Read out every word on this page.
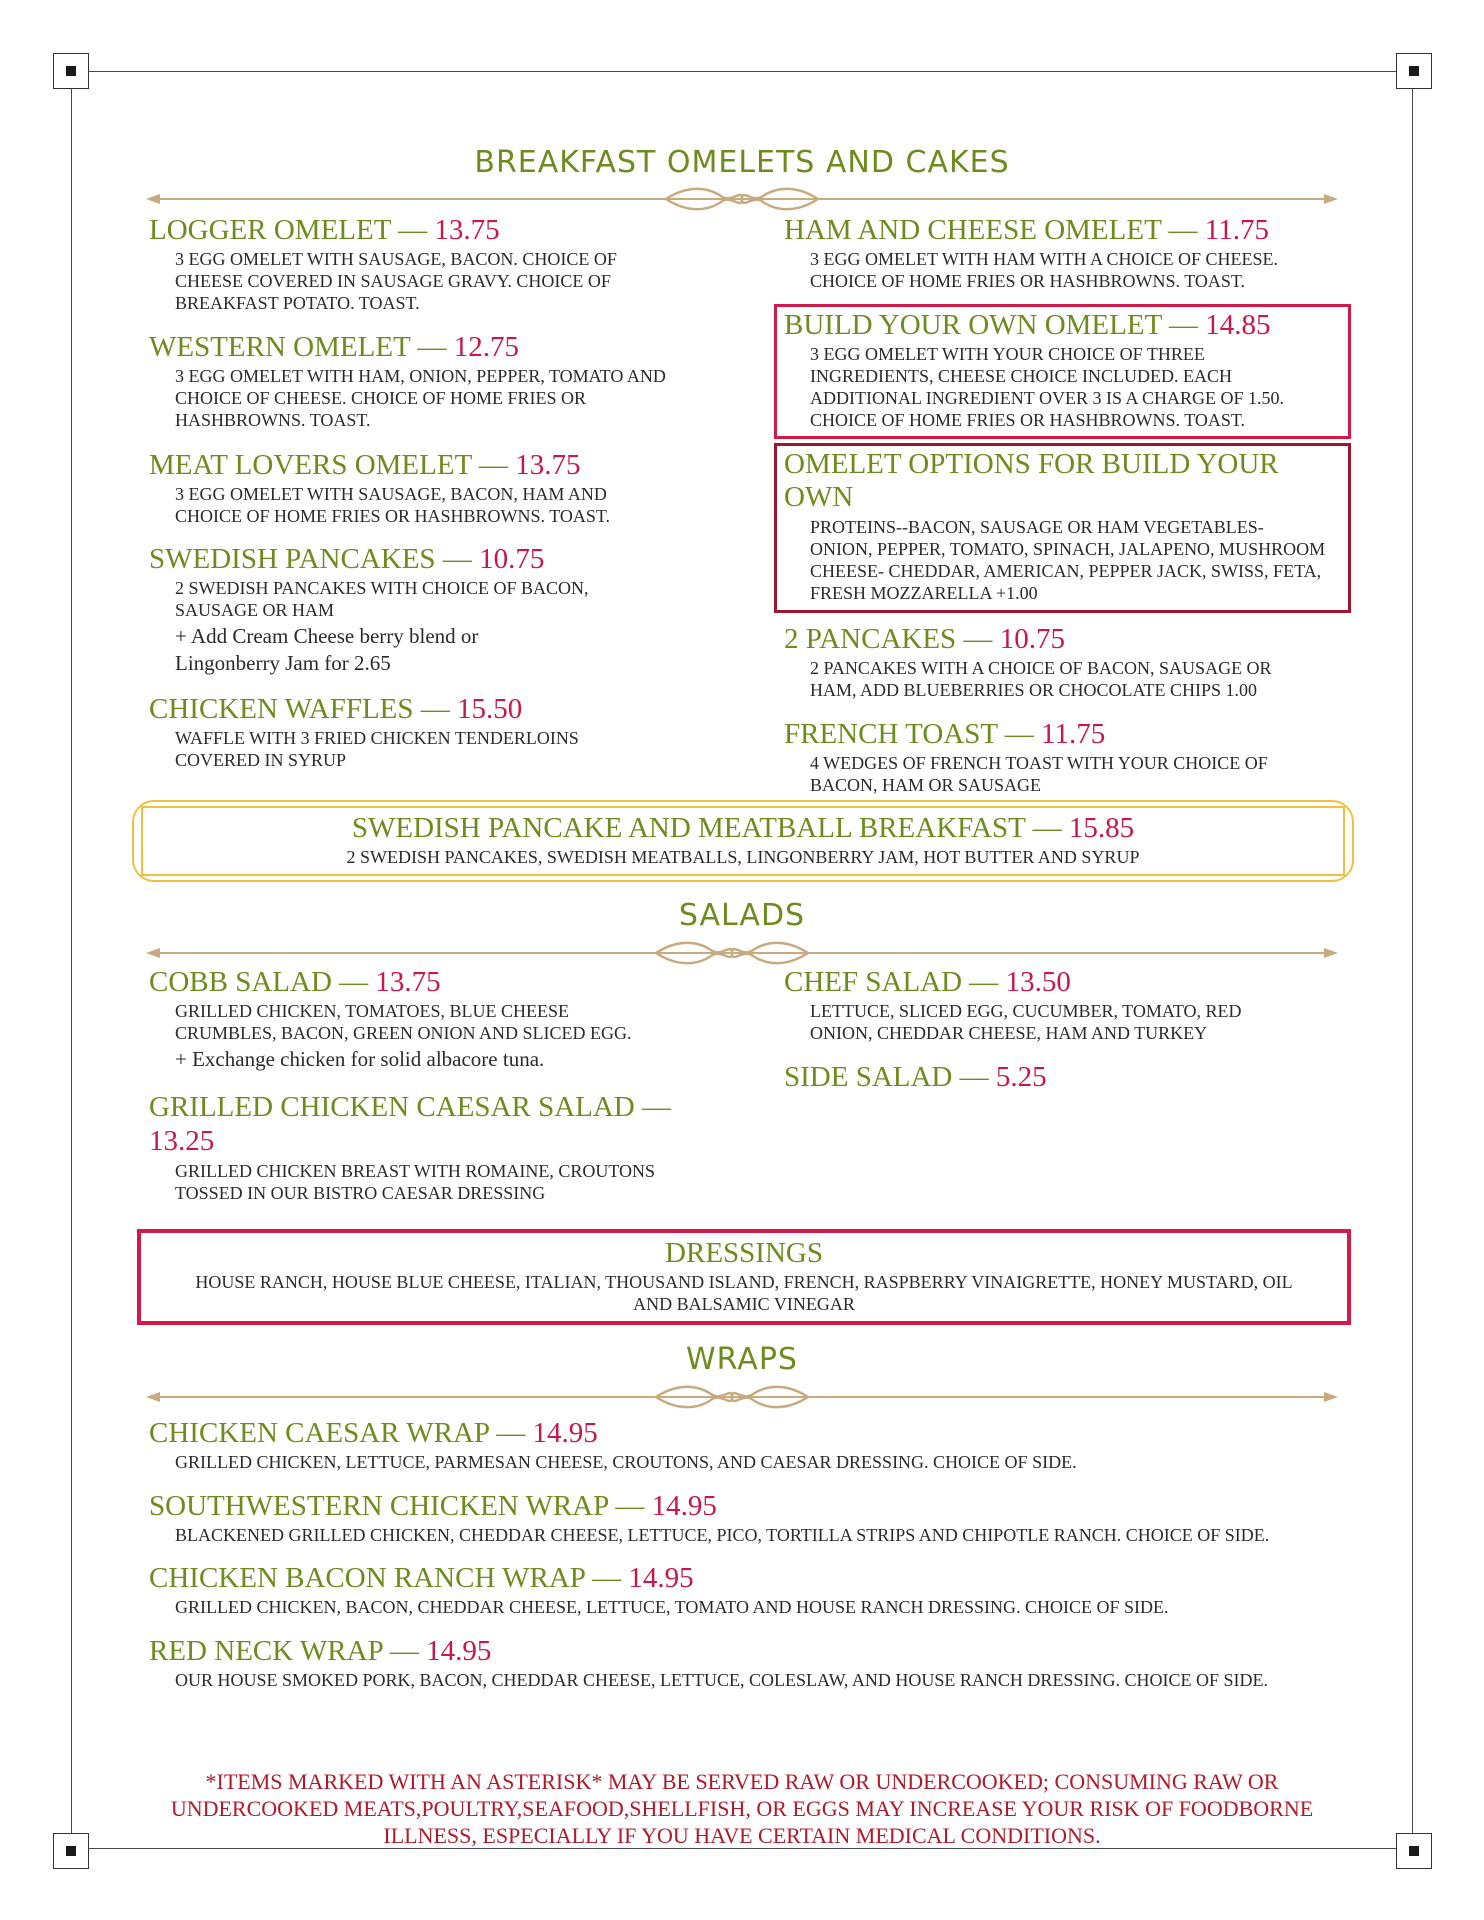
BREAKFAST OMELETS AND CAKES
LOGGER OMELET — 13.75
3 EGG OMELET WITH SAUSAGE, BACON. CHOICE OF CHEESE COVERED IN SAUSAGE GRAVY. CHOICE OF BREAKFAST POTATO. TOAST.
WESTERN OMELET — 12.75
3 EGG OMELET WITH HAM, ONION, PEPPER, TOMATO AND CHOICE OF CHEESE. CHOICE OF HOME FRIES OR HASHBROWNS. TOAST.
MEAT LOVERS OMELET — 13.75
3 EGG OMELET WITH SAUSAGE, BACON, HAM AND CHOICE OF HOME FRIES OR HASHBROWNS. TOAST.
SWEDISH PANCAKES — 10.75
2 SWEDISH PANCAKES WITH CHOICE OF BACON, SAUSAGE OR HAM
+ Add Cream Cheese berry blend or Lingonberry Jam for 2.65
CHICKEN WAFFLES — 15.50
WAFFLE WITH 3 FRIED CHICKEN TENDERLOINS COVERED IN SYRUP
HAM AND CHEESE OMELET — 11.75
3 EGG OMELET WITH HAM WITH A CHOICE OF CHEESE. CHOICE OF HOME FRIES OR HASHBROWNS. TOAST.
BUILD YOUR OWN OMELET — 14.85
3 EGG OMELET WITH YOUR CHOICE OF THREE INGREDIENTS, CHEESE CHOICE INCLUDED. EACH ADDITIONAL INGREDIENT OVER 3 IS A CHARGE OF 1.50. CHOICE OF HOME FRIES OR HASHBROWNS. TOAST.
OMELET OPTIONS FOR BUILD YOUR OWN
PROTEINS--BACON, SAUSAGE OR HAM VEGETABLES- ONION, PEPPER, TOMATO, SPINACH, JALAPENO, MUSHROOM CHEESE- CHEDDAR, AMERICAN, PEPPER JACK, SWISS, FETA, FRESH MOZZARELLA +1.00
2 PANCAKES — 10.75
2 PANCAKES WITH A CHOICE OF BACON, SAUSAGE OR HAM, ADD BLUEBERRIES OR CHOCOLATE CHIPS 1.00
FRENCH TOAST — 11.75
4 WEDGES OF FRENCH TOAST WITH YOUR CHOICE OF BACON, HAM OR SAUSAGE
SWEDISH PANCAKE AND MEATBALL BREAKFAST — 15.85
2 SWEDISH PANCAKES, SWEDISH MEATBALLS, LINGONBERRY JAM, HOT BUTTER AND SYRUP
SALADS
COBB SALAD — 13.75
GRILLED CHICKEN, TOMATOES, BLUE CHEESE CRUMBLES, BACON, GREEN ONION AND SLICED EGG.
+ Exchange chicken for solid albacore tuna.
GRILLED CHICKEN CAESAR SALAD — 13.25
GRILLED CHICKEN BREAST WITH ROMAINE, CROUTONS TOSSED IN OUR BISTRO CAESAR DRESSING
CHEF SALAD — 13.50
LETTUCE, SLICED EGG, CUCUMBER, TOMATO, RED ONION, CHEDDAR CHEESE, HAM AND TURKEY
SIDE SALAD — 5.25
DRESSINGS
HOUSE RANCH, HOUSE BLUE CHEESE, ITALIAN, THOUSAND ISLAND, FRENCH, RASPBERRY VINAIGRETTE, HONEY MUSTARD, OIL AND BALSAMIC VINEGAR
WRAPS
CHICKEN CAESAR WRAP — 14.95
GRILLED CHICKEN, LETTUCE, PARMESAN CHEESE, CROUTONS, AND CAESAR DRESSING. CHOICE OF SIDE.
SOUTHWESTERN CHICKEN WRAP — 14.95
BLACKENED GRILLED CHICKEN, CHEDDAR CHEESE, LETTUCE, PICO, TORTILLA STRIPS AND CHIPOTLE RANCH. CHOICE OF SIDE.
CHICKEN BACON RANCH WRAP — 14.95
GRILLED CHICKEN, BACON, CHEDDAR CHEESE, LETTUCE, TOMATO AND HOUSE RANCH DRESSING. CHOICE OF SIDE.
RED NECK WRAP — 14.95
OUR HOUSE SMOKED PORK, BACON, CHEDDAR CHEESE, LETTUCE, COLESLAW, AND HOUSE RANCH DRESSING. CHOICE OF SIDE.
*ITEMS MARKED WITH AN ASTERISK* MAY BE SERVED RAW OR UNDERCOOKED; CONSUMING RAW OR UNDERCOOKED MEATS,POULTRY,SEAFOOD,SHELLFISH, OR EGGS MAY INCREASE YOUR RISK OF FOODBORNE ILLNESS, ESPECIALLY IF YOU HAVE CERTAIN MEDICAL CONDITIONS.
